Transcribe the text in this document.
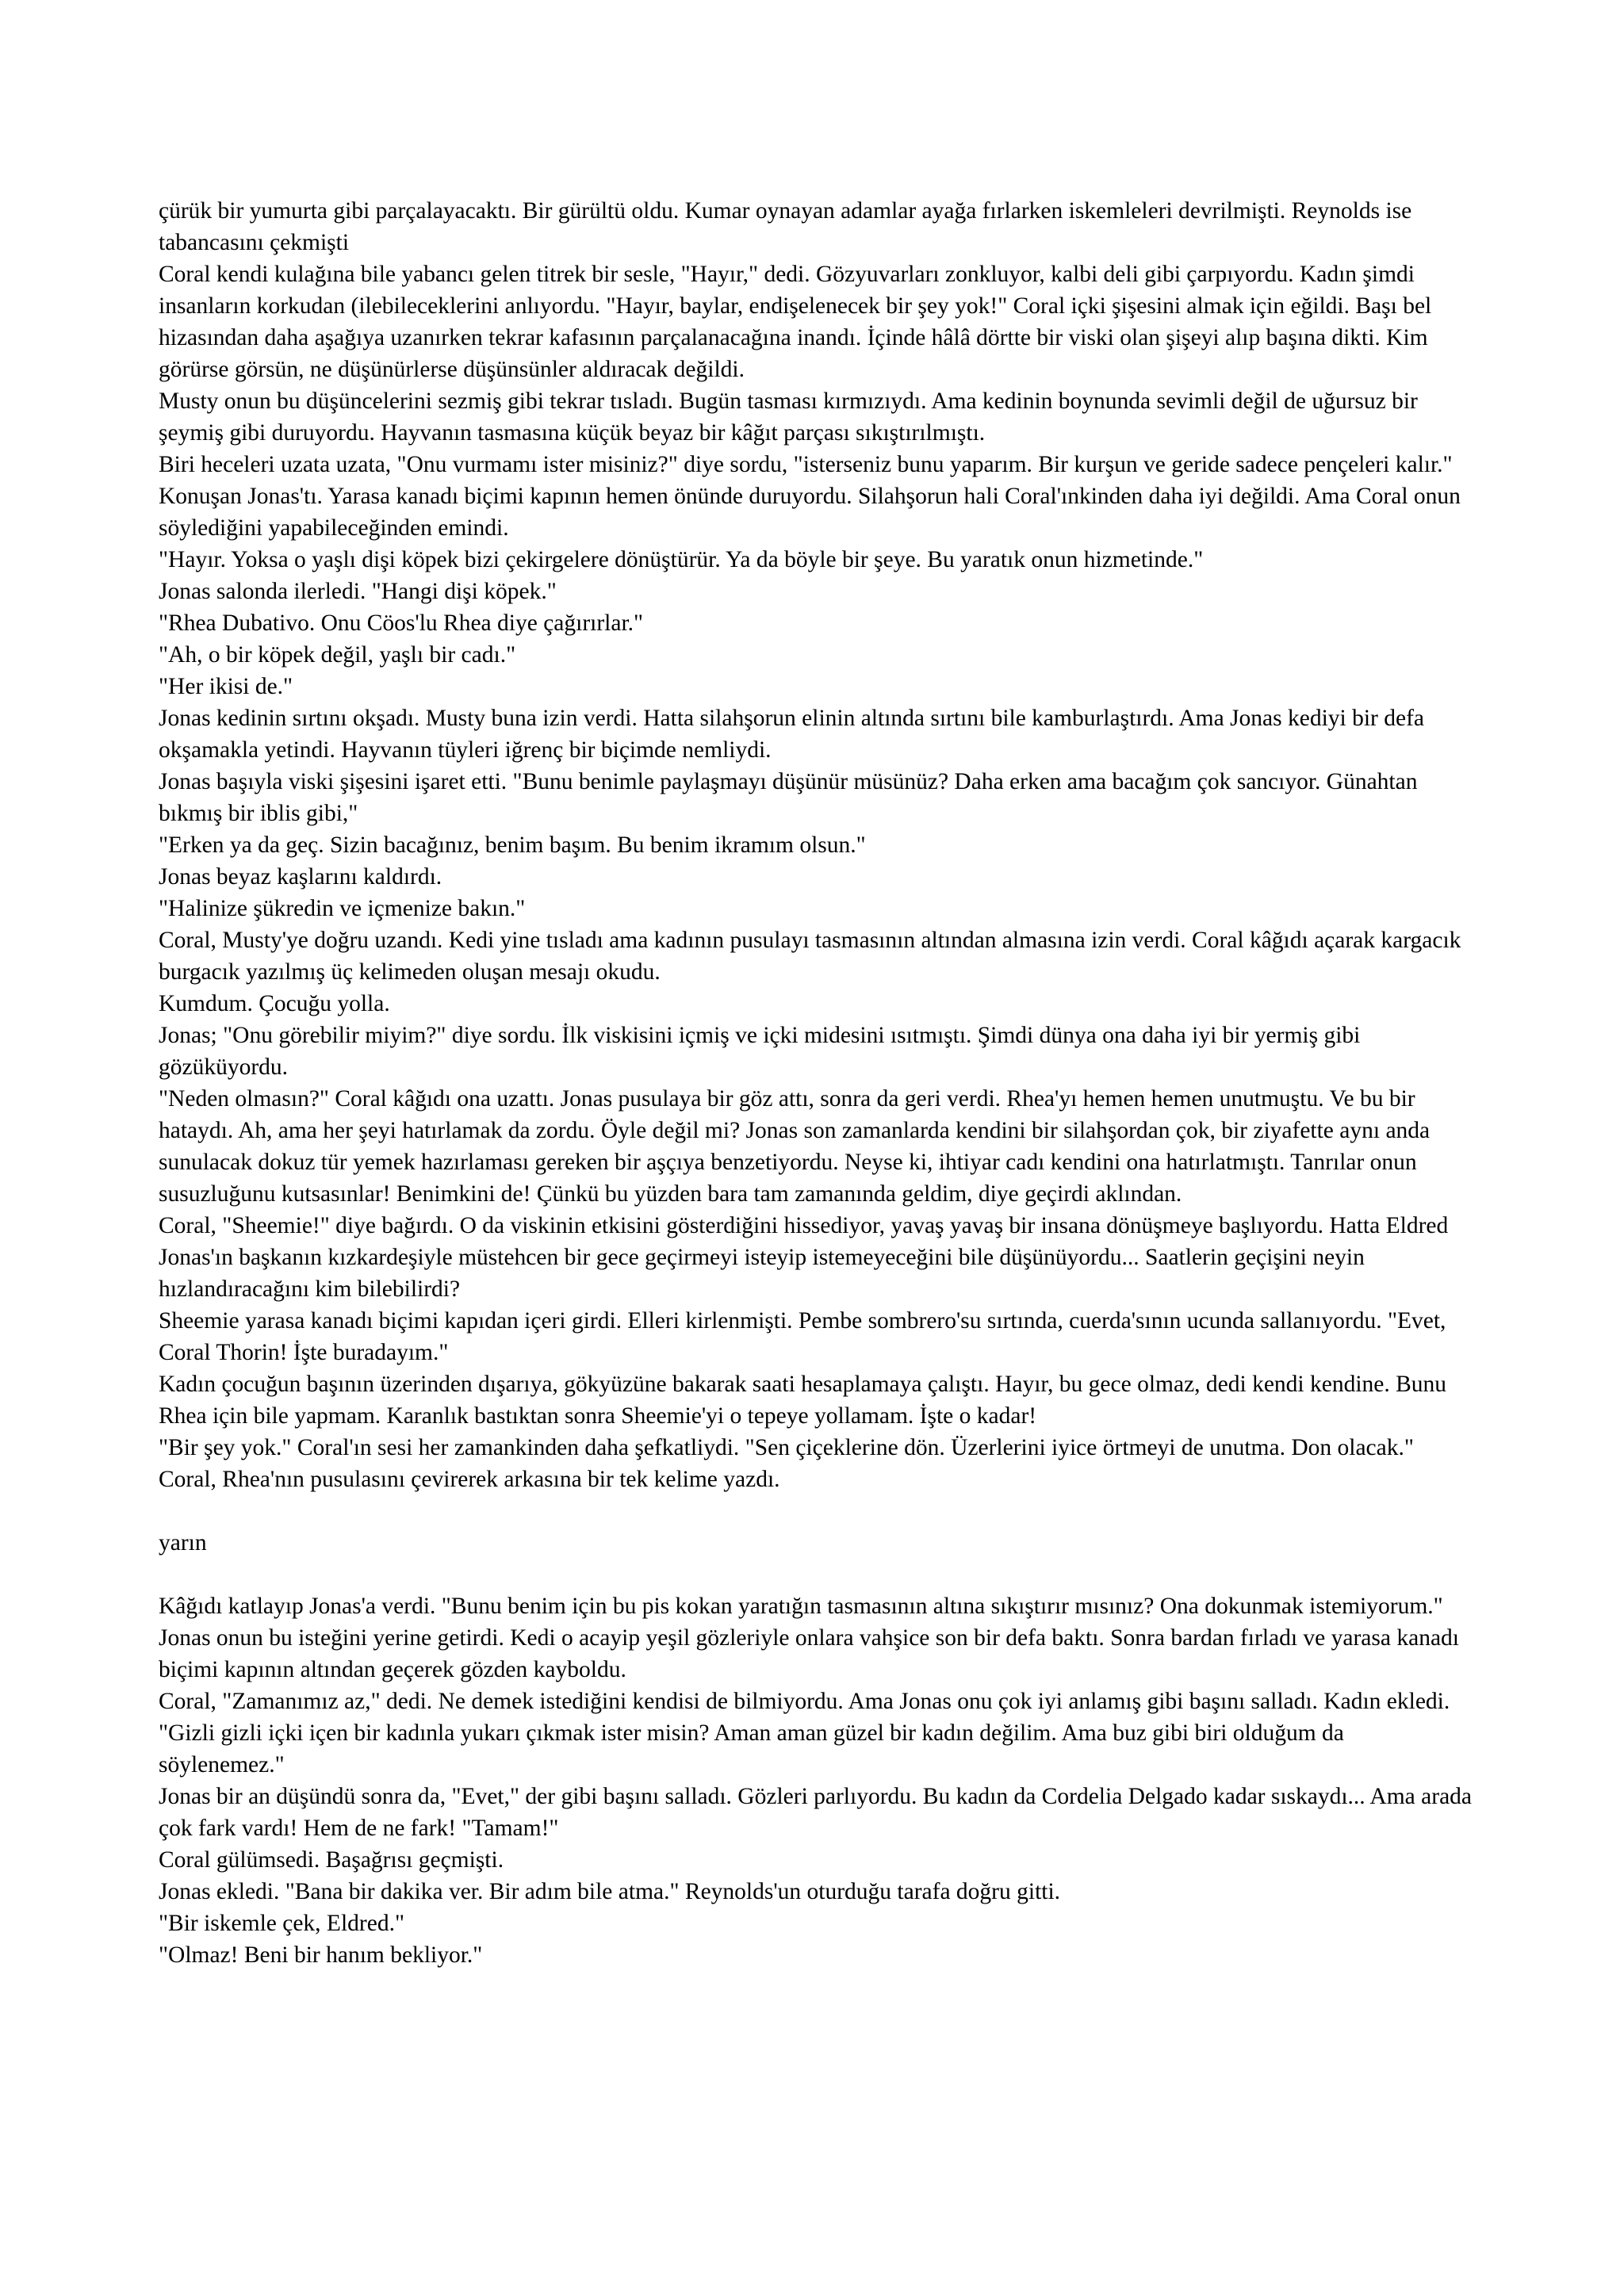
çürük bir yumurta gibi parçalayacaktı. Bir gürültü oldu. Kumar oynayan adamlar ayağa fırlarken iskemleleri devrilmişti. Reynolds ise tabancasını çekmişti

Coral kendi kulağına bile yabancı gelen titrek bir sesle, "Hayır," dedi. Gözyuvarları zonkluyor, kalbi deli gibi çarpıyordu. Kadın şimdi insanların korkudan (ilebileceklerini anlıyordu. "Hayır, baylar, endişelenecek bir şey yok!" Coral içki şişesini almak için eğildi. Başı bel hizasından daha aşağıya uzanırken tekrar kafasının parçalanacağına inandı. İçinde hâlâ dörtte bir viski olan şişeyi alıp başına dikti. Kim görürse görsün, ne düşünürlerse düşünsünler aldıracak değildi.

Musty onun bu düşüncelerini sezmiş gibi tekrar tısladı. Bugün tasması kırmızıydı. Ama kedinin boynunda sevimli değil de uğursuz bir şeymiş gibi duruyordu. Hayvanın tasmasına küçük beyaz bir kâğıt parçası sıkıştırılmıştı.

Biri heceleri uzata uzata, "Onu vurmamı ister misiniz?" diye sordu, "isterseniz bunu yaparım. Bir kurşun ve geride sadece pençeleri kalır." Konuşan Jonas'tı. Yarasa kanadı biçimi kapının hemen önünde duruyordu. Silahşorun hali Coral'ınkinden daha iyi değildi. Ama Coral onun söylediğini yapabileceğinden emindi.

"Hayır. Yoksa o yaşlı dişi köpek bizi çekirgelere dönüştürür. Ya da böyle bir şeye. Bu yaratık onun hizmetinde."

Jonas salonda ilerledi. "Hangi dişi köpek."

"Rhea Dubativo. Onu Cöos'lu Rhea diye çağırırlar."

"Ah, o bir köpek değil, yaşlı bir cadı."

"Her ikisi de."

Jonas kedinin sırtını okşadı. Musty buna izin verdi. Hatta silahşorun elinin altında sırtını bile kamburlaştırdı. Ama Jonas kediyi bir defa okşamakla yetindi. Hayvanın tüyleri iğrenç bir biçimde nemliydi.

Jonas başıyla viski şişesini işaret etti. "Bunu benimle paylaşmayı düşünür müsünüz? Daha erken ama bacağım çok sancıyor. Günahtan bıkmış bir iblis gibi,"

"Erken ya da geç. Sizin bacağınız, benim başım. Bu benim ikramım olsun."

Jonas beyaz kaşlarını kaldırdı.

"Halinize şükredin ve içmenize bakın."

Coral, Musty'ye doğru uzandı. Kedi yine tısladı ama kadının pusulayı tasmasının altından almasına izin verdi. Coral kâğıdı açarak kargacık burgacık yazılmış üç kelimeden oluşan mesajı okudu.

Kumdum. Çocuğu yolla.

Jonas; "Onu görebilir miyim?" diye sordu. İlk viskisini içmiş ve içki midesini ısıtmıştı. Şimdi dünya ona daha iyi bir yermiş gibi gözüküyordu.

"Neden olmasın?" Coral kâğıdı ona uzattı. Jonas pusulaya bir göz attı, sonra da geri verdi. Rhea'yı hemen hemen unutmuştu. Ve bu bir hataydı. Ah, ama her şeyi hatırlamak da zordu. Öyle değil mi? Jonas son zamanlarda kendini bir silahşordan çok, bir ziyafette aynı anda sunulacak dokuz tür yemek hazırlaması gereken bir aşçıya benzetiyordu. Neyse ki, ihtiyar cadı kendini ona hatırlatmıştı. Tanrılar onun susuzluğunu kutsasınlar! Benimkini de! Çünkü bu yüzden bara tam zamanında geldim, diye geçirdi aklından.

Coral, "Sheemie!" diye bağırdı. O da viskinin etkisini gösterdiğini hissediyor, yavaş yavaş bir insana dönüşmeye başlıyordu. Hatta Eldred Jonas'ın başkanın kızkardeşiyle müstehcen bir gece geçirmeyi isteyip istemeyeceğini bile düşünüyordu... Saatlerin geçişini neyin hızlandıracağını kim bilebilirdi?

Sheemie yarasa kanadı biçimi kapıdan içeri girdi. Elleri kirlenmişti. Pembe sombrero'su sırtında, cuerda'sının ucunda sallanıyordu. "Evet, Coral Thorin! İşte buradayım."

Kadın çocuğun başının üzerinden dışarıya, gökyüzüne bakarak saati hesaplamaya çalıştı. Hayır, bu gece olmaz, dedi kendi kendine. Bunu Rhea için bile yapmam. Karanlık bastıktan sonra Sheemie'yi o tepeye yollamam. İşte o kadar!

"Bir şey yok." Coral'ın sesi her zamankinden daha şefkatliydi. "Sen çiçeklerine dön. Üzerlerini iyice örtmeyi de unutma. Don olacak."

Coral, Rhea'nın pusulasını çevirerek arkasına bir tek kelime yazdı.

yarın

Kâğıdı katlayıp Jonas'a verdi. "Bunu benim için bu pis kokan yaratığın tasmasının altına sıkıştırır mısınız? Ona dokunmak istemiyorum."

Jonas onun bu isteğini yerine getirdi. Kedi o acayip yeşil gözleriyle onlara vahşice son bir defa baktı. Sonra bardan fırladı ve yarasa kanadı biçimi kapının altından geçerek gözden kayboldu.

Coral, "Zamanımız az," dedi. Ne demek istediğini kendisi de bilmiyordu. Ama Jonas onu çok iyi anlamış gibi başını salladı. Kadın ekledi. "Gizli gizli içki içen bir kadınla yukarı çıkmak ister misin? Aman aman güzel bir kadın değilim. Ama buz gibi biri olduğum da söylenemez."

Jonas bir an düşündü sonra da, "Evet," der gibi başını salladı. Gözleri parlıyordu. Bu kadın da Cordelia Delgado kadar sıskaydı... Ama arada çok fark vardı! Hem de ne fark! "Tamam!"

Coral gülümsedi. Başağrısı geçmişti.

Jonas ekledi. "Bana bir dakika ver. Bir adım bile atma." Reynolds'un oturduğu tarafa doğru gitti.

"Bir iskemle çek, Eldred."

"Olmaz! Beni bir hanım bekliyor."
